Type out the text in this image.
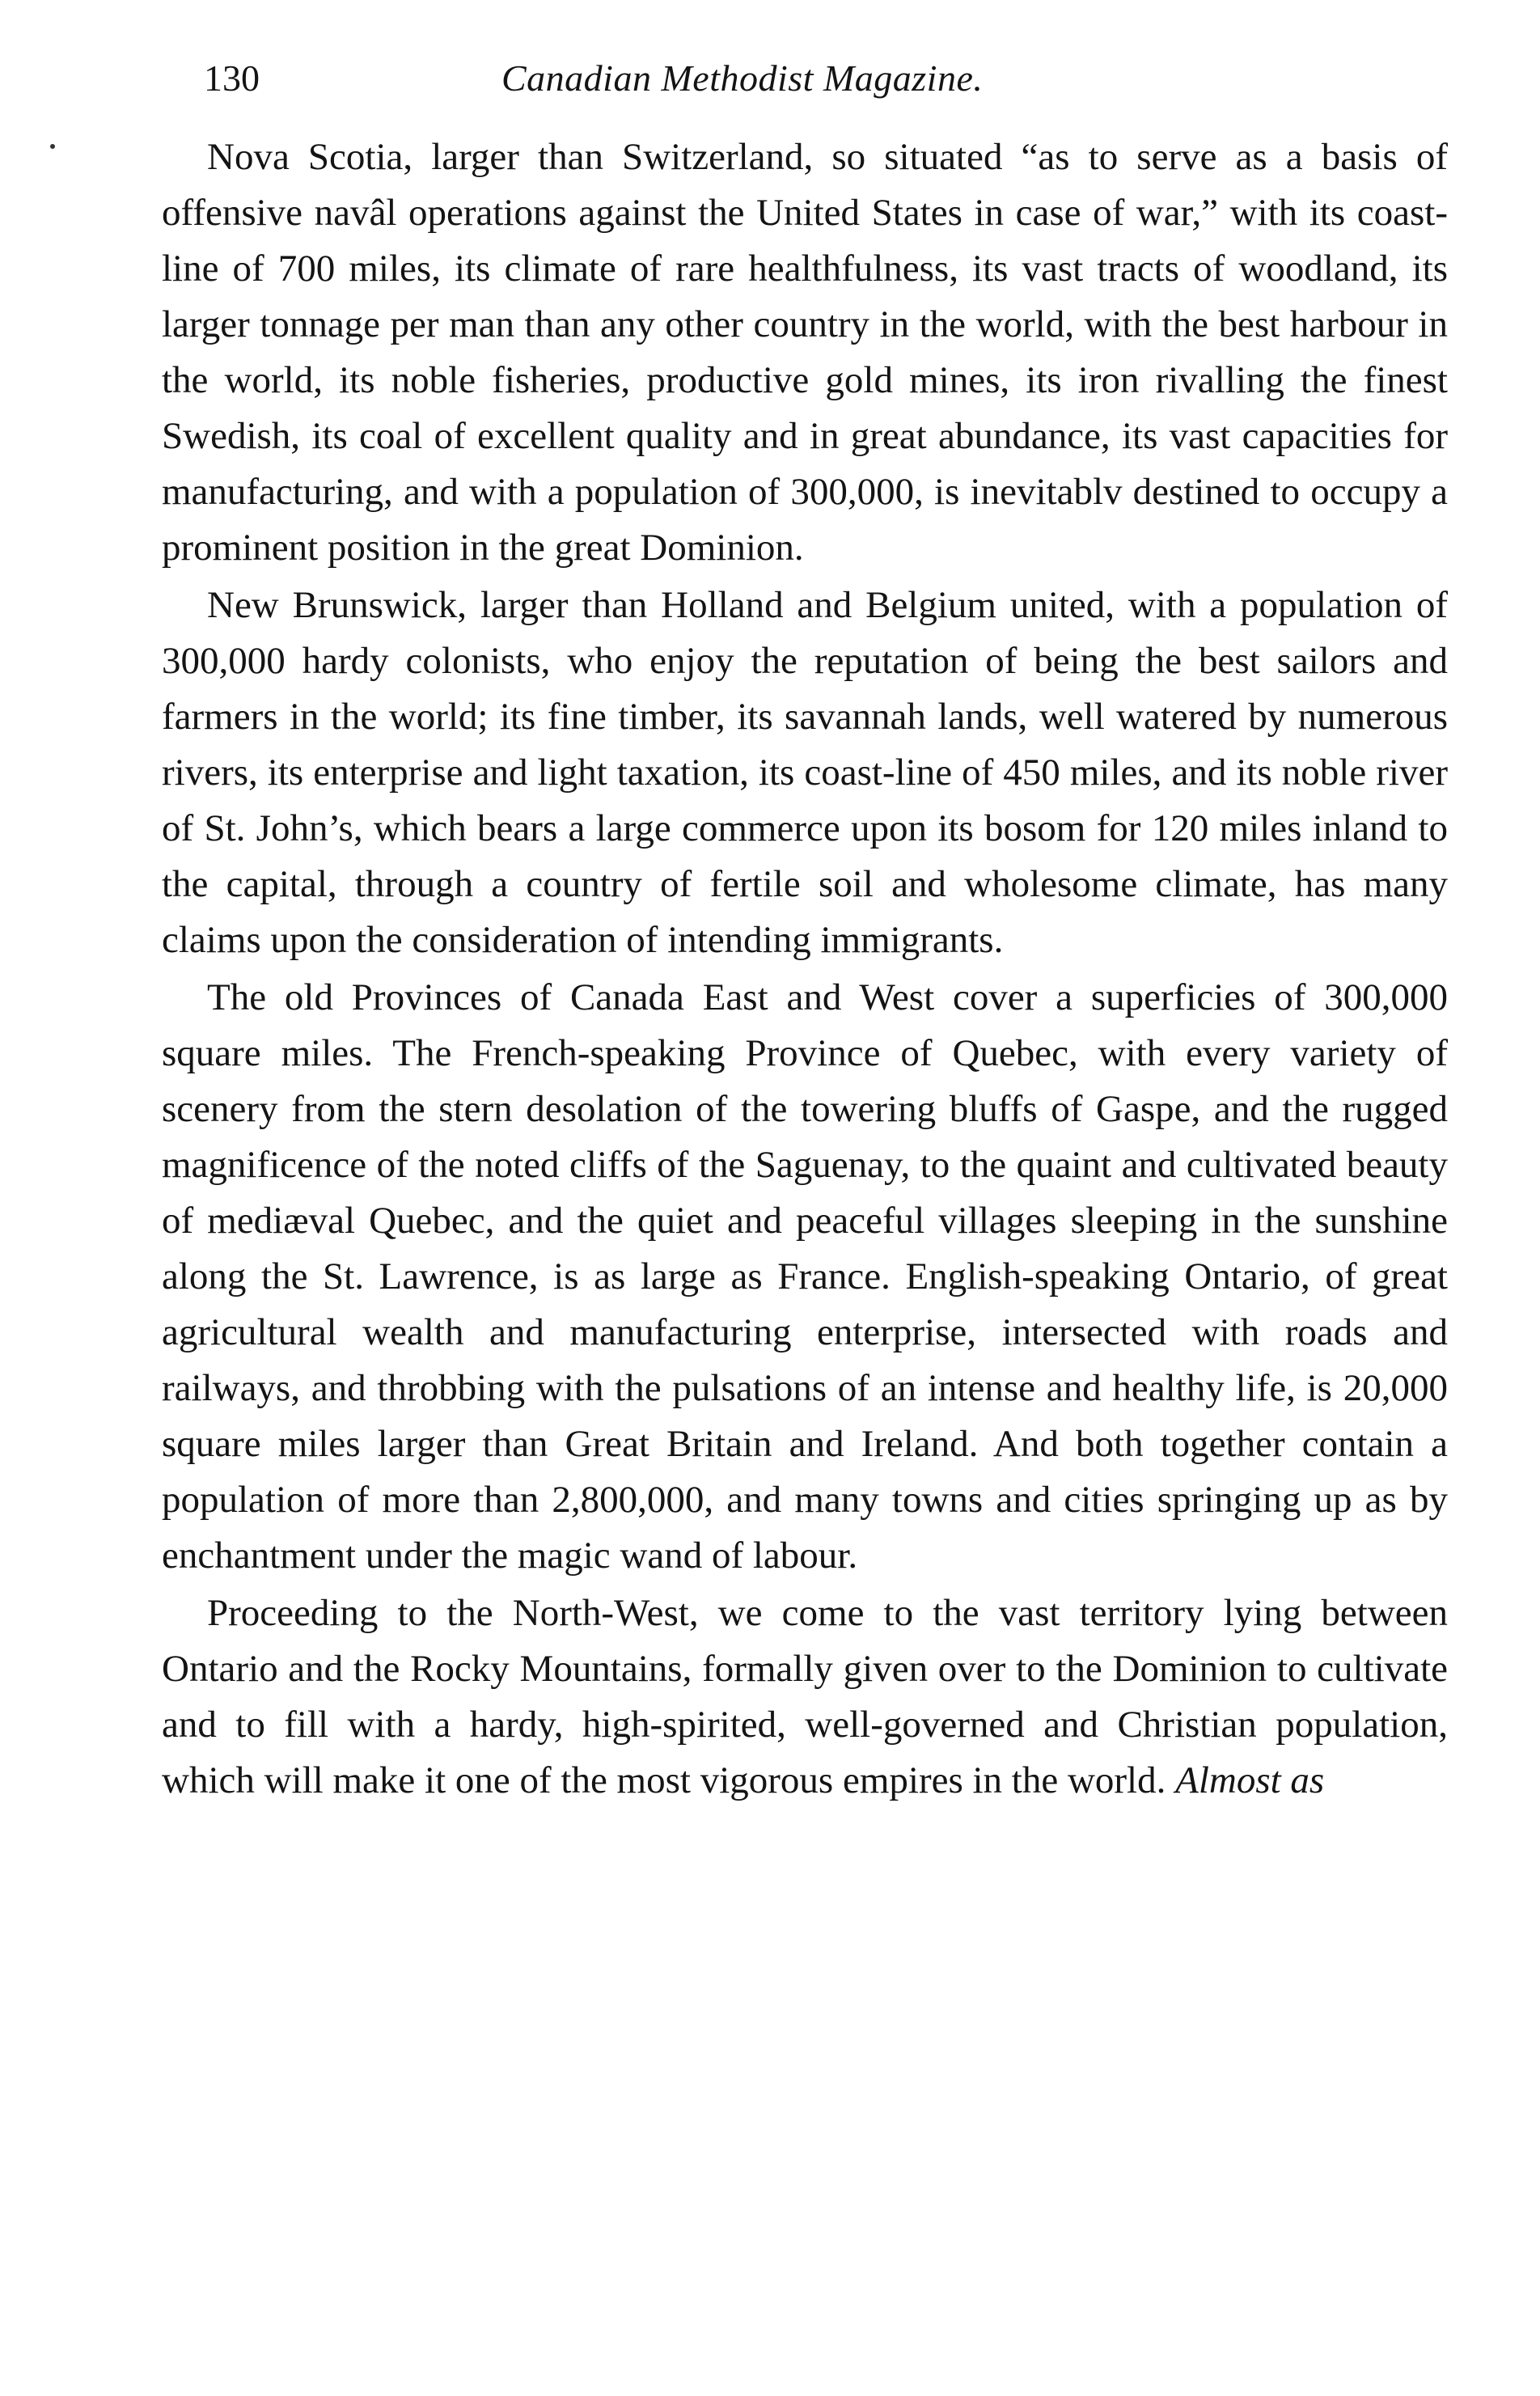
130	Canadian Methodist Magazine.

Nova Scotia, larger than Switzerland, so situated “as to serve as a basis of offensive navâl operations against the United States in case of war,” with its coast-line of 700 miles, its climate of rare healthfulness, its vast tracts of woodland, its larger tonnage per man than any other country in the world, with the best harbour in the world, its noble fisheries, productive gold mines, its iron rivalling the finest Swedish, its coal of excellent quality and in great abundance, its vast capacities for manufacturing, and with a population of 300,000, is inevitablv destined to occupy a prominent position in the great Dominion.

New Brunswick, larger than Holland and Belgium united, with a population of 300,000 hardy colonists, who enjoy the reputation of being the best sailors and farmers in the world; its fine timber, its savannah lands, well watered by numerous rivers, its enterprise and light taxation, its coast-line of 450 miles, and its noble river of St. John’s, which bears a large commerce upon its bosom for 120 miles inland to the capital, through a country of fertile soil and wholesome climate, has many claims upon the consideration of intending immigrants.

The old Provinces of Canada East and West cover a superficies of 300,000 square miles. The French-speaking Province of Quebec, with every variety of scenery from the stern desolation of the towering bluffs of Gaspe, and the rugged magnificence of the noted cliffs of the Saguenay, to the quaint and cultivated beauty of mediæval Quebec, and the quiet and peaceful villages sleeping in the sunshine along the St. Lawrence, is as large as France. English-speaking Ontario, of great agricultural wealth and manufacturing enterprise, intersected with roads and railways, and throbbing with the pulsations of an intense and healthy life, is 20,000 square miles larger than Great Britain and Ireland. And both together contain a population of more than 2,800,000, and many towns and cities springing up as by enchantment under the magic wand of labour.

Proceeding to the North-West, we come to the vast territory lying between Ontario and the Rocky Mountains, formally given over to the Dominion to cultivate and to fill with a hardy, high-spirited, well-governed and Christian population, which will make it one of the most vigorous empires in the world. Almost as
